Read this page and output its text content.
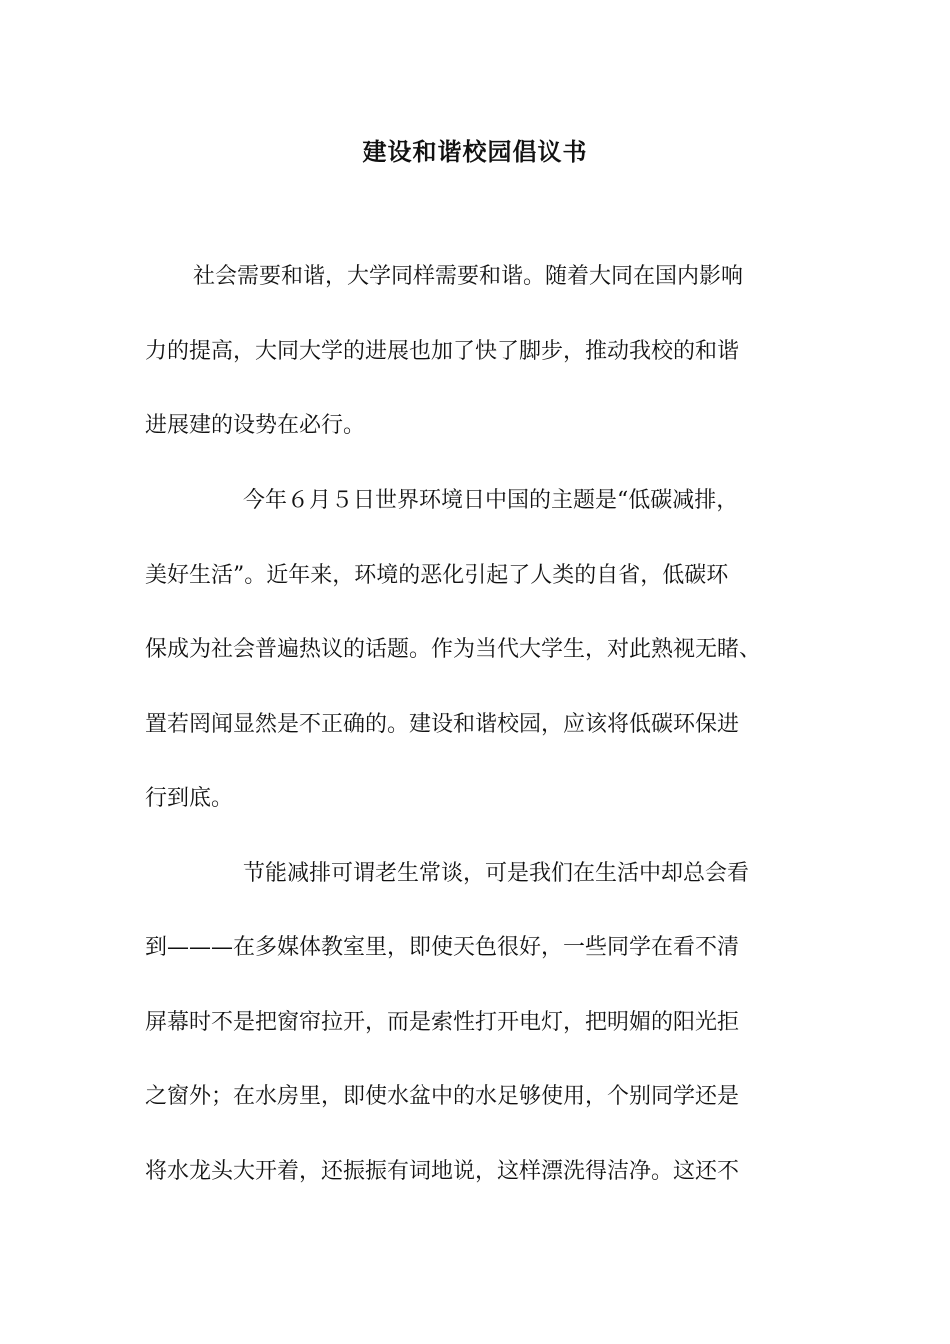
建设和谐校园倡议书

社会需要和谐，大学同样需要和谐。随着大同在国内影响

力的提高，大同大学的进展也加了快了脚步，推动我校的和谐

进展建的设势在必行。

今年６月５日世界环境日中国的主题是“低碳减排，

美好生活”。近年来，环境的恶化引起了人类的自省，低碳环

保成为社会普遍热议的话题。作为当代大学生，对此熟视无睹、

置若罔闻显然是不正确的。建设和谐校园，应该将低碳环保进

行到底。

节能减排可谓老生常谈，可是我们在生活中却总会看

到———在多媒体教室里，即使天色很好，一些同学在看不清

屏幕时不是把窗帘拉开，而是索性打开电灯，把明媚的阳光拒

之窗外；在水房里，即使水盆中的水足够使用，个别同学还是

将水龙头大开着，还振振有词地说，这样漂洗得洁净。这还不
